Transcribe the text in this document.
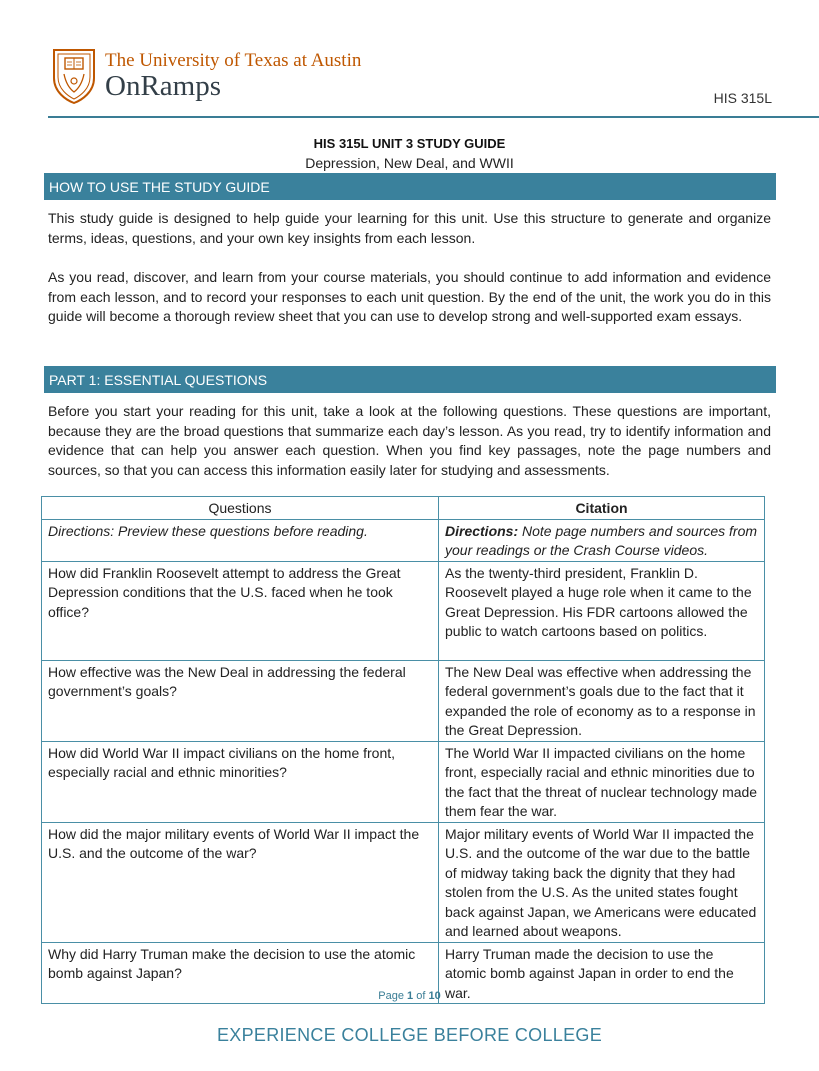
The University of Texas at Austin
OnRamps	HIS 315L
HIS 315L UNIT 3 STUDY GUIDE
Depression, New Deal, and WWII
HOW TO USE THE STUDY GUIDE
This study guide is designed to help guide your learning for this unit. Use this structure to generate and organize terms, ideas, questions, and your own key insights from each lesson.
As you read, discover, and learn from your course materials, you should continue to add information and evidence from each lesson, and to record your responses to each unit question. By the end of the unit, the work you do in this guide will become a thorough review sheet that you can use to develop strong and well-supported exam essays.
PART 1: ESSENTIAL QUESTIONS
Before you start your reading for this unit, take a look at the following questions. These questions are important, because they are the broad questions that summarize each day’s lesson. As you read, try to identify information and evidence that can help you answer each question. When you find key passages, note the page numbers and sources, so that you can access this information easily later for studying and assessments.
Questions	Citation
Directions: Preview these questions before reading.	Directions: Note page numbers and sources from your readings or the Crash Course videos.
How did Franklin Roosevelt attempt to address the Great Depression conditions that the U.S. faced when he took office?	As the twenty-third president, Franklin D. Roosevelt played a huge role when it came to the Great Depression. His FDR cartoons allowed the public to watch cartoons based on politics.
How effective was the New Deal in addressing the federal government’s goals?	The New Deal was effective when addressing the federal government’s goals due to the fact that it expanded the role of economy as to a response in the Great Depression.
How did World War II impact civilians on the home front, especially racial and ethnic minorities?	The World War II impacted civilians on the home front, especially racial and ethnic minorities due to the fact that the threat of nuclear technology made them fear the war.
How did the major military events of World War II impact the U.S. and the outcome of the war?	Major military events of World War II impacted the U.S. and the outcome of the war due to the battle of midway taking back the dignity that they had stolen from the U.S. As the united states fought back against Japan, we Americans were educated and learned about weapons.
Why did Harry Truman make the decision to use the atomic bomb against Japan?	Harry Truman made the decision to use the atomic bomb against Japan in order to end the war.
Page 1 of 10
EXPERIENCE COLLEGE BEFORE COLLEGE
